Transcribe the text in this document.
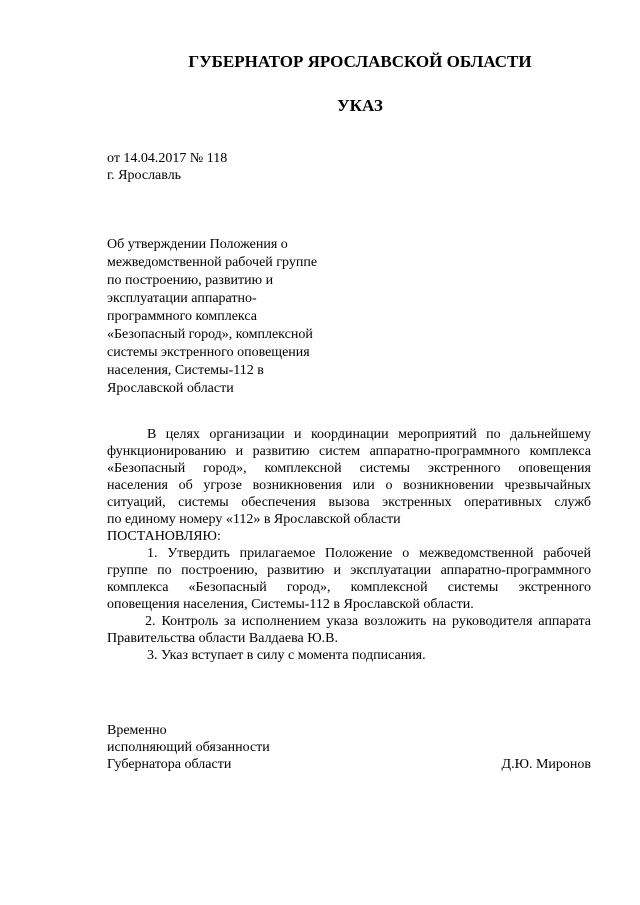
ГУБЕРНАТОР ЯРОСЛАВСКОЙ ОБЛАСТИ
УКАЗ
от 14.04.2017 № 118
г. Ярославль
Об утверждении Положения о
межведомственной рабочей группе
по построению, развитию и
эксплуатации аппаратно-
программного комплекса
«Безопасный город», комплексной
системы экстренного оповещения
населения, Системы-112 в
Ярославской области
В целях организации и координации мероприятий по дальнейшему
функционированию и развитию систем аппаратно-программного комплекса
«Безопасный город», комплексной системы экстренного оповещения
населения об угрозе возникновения или о возникновении чрезвычайных
ситуаций, системы обеспечения вызова экстренных оперативных служб
по единому номеру «112» в Ярославской области
ПОСТАНОВЛЯЮ:
1. Утвердить прилагаемое Положение о межведомственной рабочей
группе по построению, развитию и эксплуатации аппаратно-программного
комплекса «Безопасный город», комплексной системы экстренного
оповещения населения, Системы-112 в Ярославской области.
2. Контроль за исполнением указа возложить на руководителя аппарата
Правительства области Валдаева Ю.В.
3. Указ вступает в силу с момента подписания.
Временно
исполняющий обязанности
Губернатора области	Д.Ю. Миронов
